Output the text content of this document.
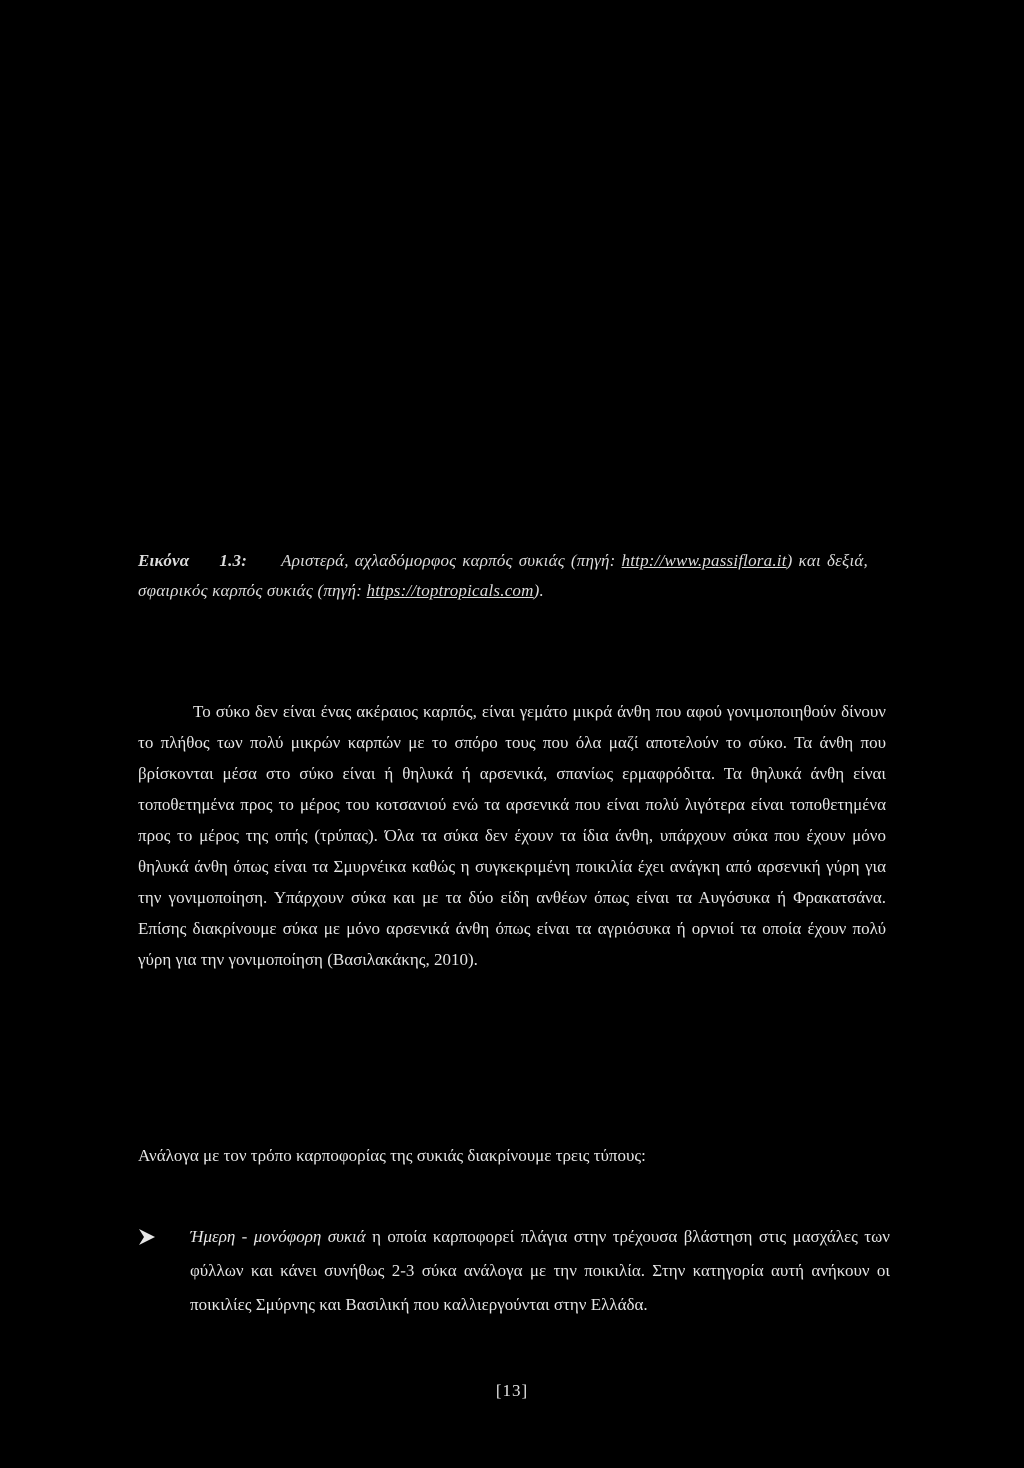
Εικόνα 1.3: Αριστερά, αχλαδόμορφος καρπός συκιάς (πηγή: http://www.passiflora.it) και δεξιά, σφαιρικός καρπός συκιάς (πηγή: https://toptropicals.com).
Το σύκο δεν είναι ένας ακέραιος καρπός, είναι γεμάτο μικρά άνθη που αφού γονιμοποιηθούν δίνουν το πλήθος των πολύ μικρών καρπών με το σπόρο τους που όλα μαζί αποτελούν το σύκο. Τα άνθη που βρίσκονται μέσα στο σύκο είναι ή θηλυκά ή αρσενικά, σπανίως ερμαφρόδιτα. Τα θηλυκά άνθη είναι τοποθετημένα προς το μέρος του κοτσανιού ενώ τα αρσενικά που είναι πολύ λιγότερα είναι τοποθετημένα προς το μέρος της οπής (τρύπας). Όλα τα σύκα δεν έχουν τα ίδια άνθη, υπάρχουν σύκα που έχουν μόνο θηλυκά άνθη όπως είναι τα Σμυρνέικα καθώς η συγκεκριμένη ποικιλία έχει ανάγκη από αρσενική γύρη για την γονιμοποίηση. Υπάρχουν σύκα και με τα δύο είδη ανθέων όπως είναι τα Αυγόσυκα ή Φρακατσάνα. Επίσης διακρίνουμε σύκα με μόνο αρσενικά άνθη όπως είναι τα αγριόσυκα ή ορνιοί τα οποία έχουν πολύ γύρη για την γονιμοποίηση (Βασιλακάκης, 2010).
Ανάλογα με τον τρόπο καρποφορίας της συκιάς διακρίνουμε τρεις τύπους:
Ήμερη - μονόφορη συκιά η οποία καρποφορεί πλάγια στην τρέχουσα βλάστηση στις μασχάλες των φύλλων και κάνει συνήθως 2-3 σύκα ανάλογα με την ποικιλία. Στην κατηγορία αυτή ανήκουν οι ποικιλίες Σμύρνης και Βασιλική που καλλιεργούνται στην Ελλάδα.
[13]
